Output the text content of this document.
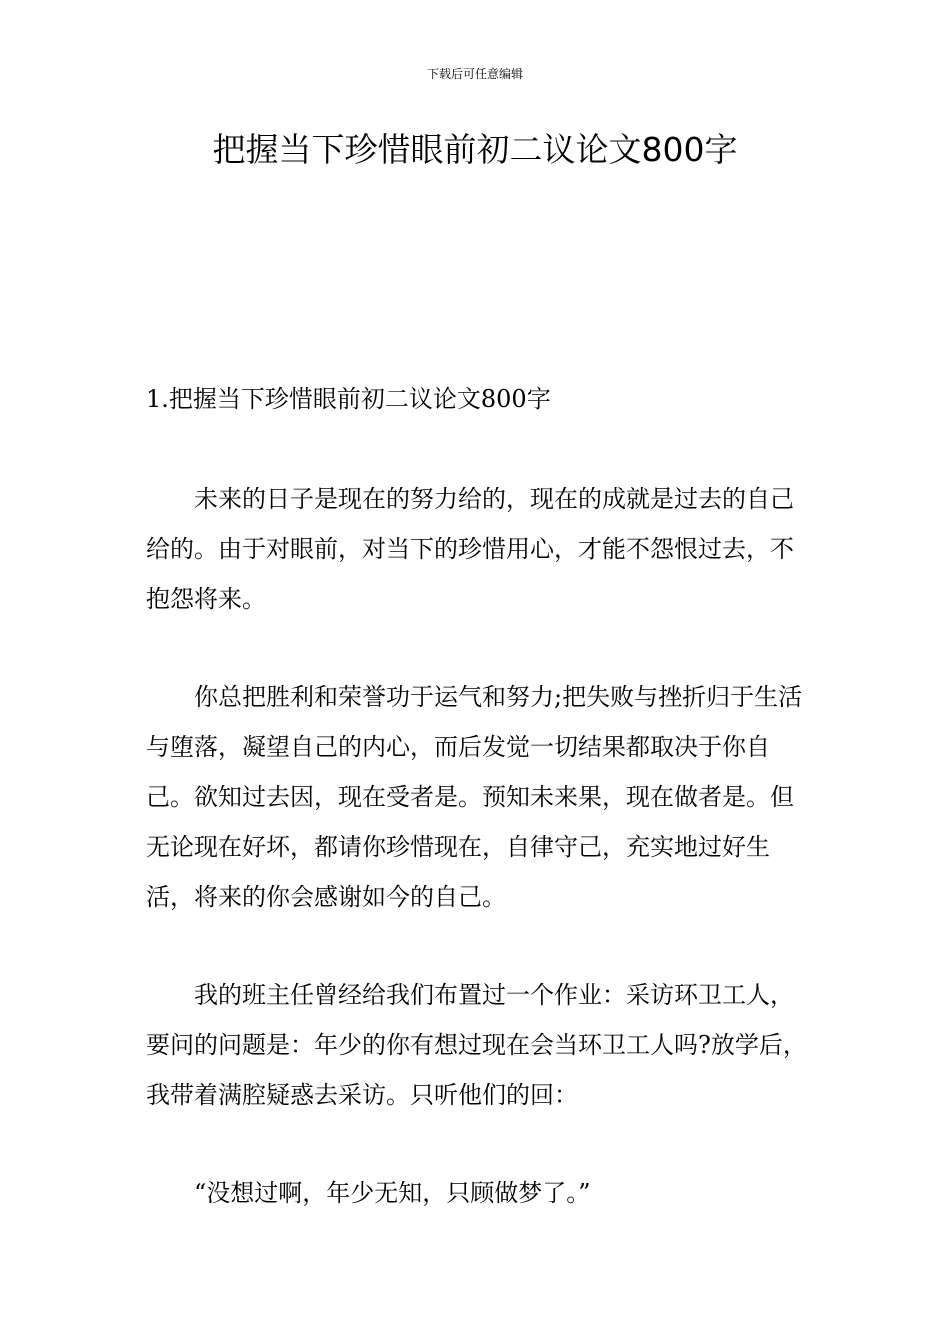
下载后可任意编辑
把握当下珍惜眼前初二议论文800字

1.把握当下珍惜眼前初二议论文800字

未来的日子是现在的努力给的，现在的成就是过去的自己给的。由于对眼前，对当下的珍惜用心，才能不怨恨过去，不抱怨将来。

你总把胜利和荣誉功于运气和努力;把失败与挫折归于生活与堕落，凝望自己的内心，而后发觉一切结果都取决于你自己。欲知过去因，现在受者是。预知未来果，现在做者是。但无论现在好坏，都请你珍惜现在，自律守己，充实地过好生活，将来的你会感谢如今的自己。

我的班主任曾经给我们布置过一个作业：采访环卫工人，要问的问题是：年少的你有想过现在会当环卫工人吗?放学后，我带着满腔疑惑去采访。只听他们的回：

“没想过啊，年少无知，只顾做梦了。”
